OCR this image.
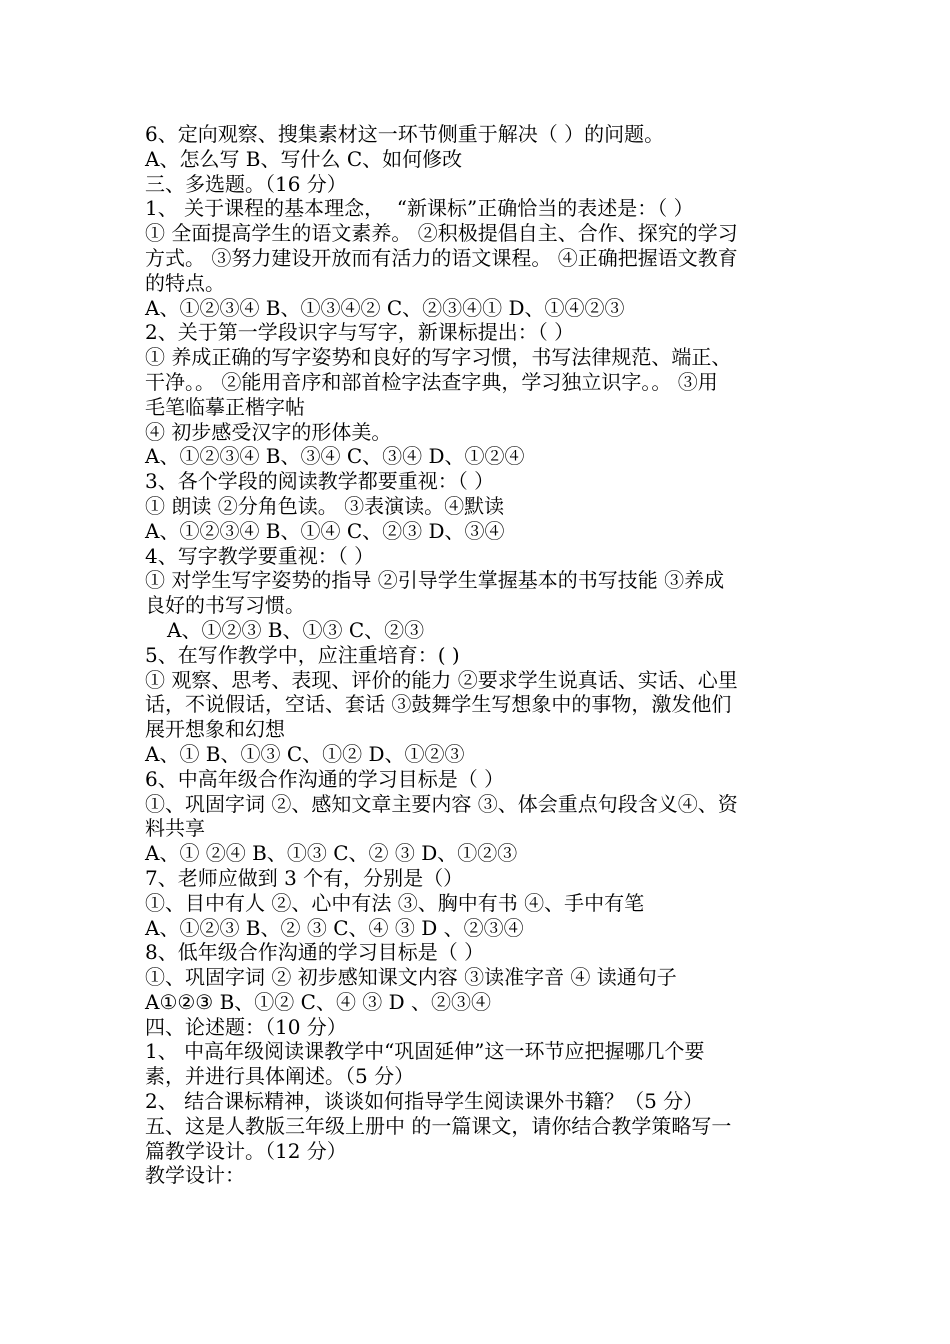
6、定向观察、搜集素材这一环节侧重于解决（ ）的问题。

A、怎么写 B、写什么 C、如何修改

三、多选题。（16 分）

1、 关于课程的基本理念，  “新课标”正确恰当的表述是：（ ）

① 全面提高学生的语文素养。 ②积极提倡自主、合作、探究的学习

方式。 ③努力建设开放而有活力的语文课程。 ④正确把握语文教育

的特点。

A、①②③④ B、①③④② C、②③④① D、①④②③

2、关于第一学段识字与写字，新课标提出：（ ）

① 养成正确的写字姿势和良好的写字习惯，书写法律规范、端正、

干净。。 ②能用音序和部首检字法查字典，学习独立识字。。 ③用

毛笔临摹正楷字帖

④ 初步感受汉字的形体美。

A、①②③④ B、③④ C、③④ D、①②④

3、各个学段的阅读教学都要重视：（ ）

① 朗读 ②分角色读。 ③表演读。④默读

A、①②③④ B、①④ C、②③ D、③④

4、写字教学要重视：（ ）

① 对学生写字姿势的指导 ②引导学生掌握基本的书写技能 ③养成

良好的书写习惯。

A、①②③ B、①③ C、②③

5、在写作教学中，应注重培育：( )

① 观察、思考、表现、评价的能力 ②要求学生说真话、实话、心里

话，不说假话，空话、套话 ③鼓舞学生写想象中的事物，激发他们

展开想象和幻想

A、① B、①③ C、①② D、①②③

6、中高年级合作沟通的学习目标是（ ）

①、巩固字词 ②、感知文章主要内容 ③、体会重点句段含义④、资

料共享

A、① ②④ B、①③ C、② ③ D、①②③

7、老师应做到 3 个有，分别是（）

①、目中有人 ②、心中有法 ③、胸中有书 ④、手中有笔

A、①②③ B、② ③ C、④ ③ D 、②③④

8、低年级合作沟通的学习目标是（ ）

①、巩固字词 ② 初步感知课文内容 ③读准字音 ④ 读通句子

A①②③ B、①② C、④ ③ D 、②③④

四、论述题：（10 分）

1、 中高年级阅读课教学中“巩固延伸”这一环节应把握哪几个要

素，并进行具体阐述。（5 分）

2、 结合课标精神，谈谈如何指导学生阅读课外书籍？（5 分）

五、这是人教版三年级上册中 的一篇课文，请你结合教学策略写一

篇教学设计。（12 分）

教学设计：
